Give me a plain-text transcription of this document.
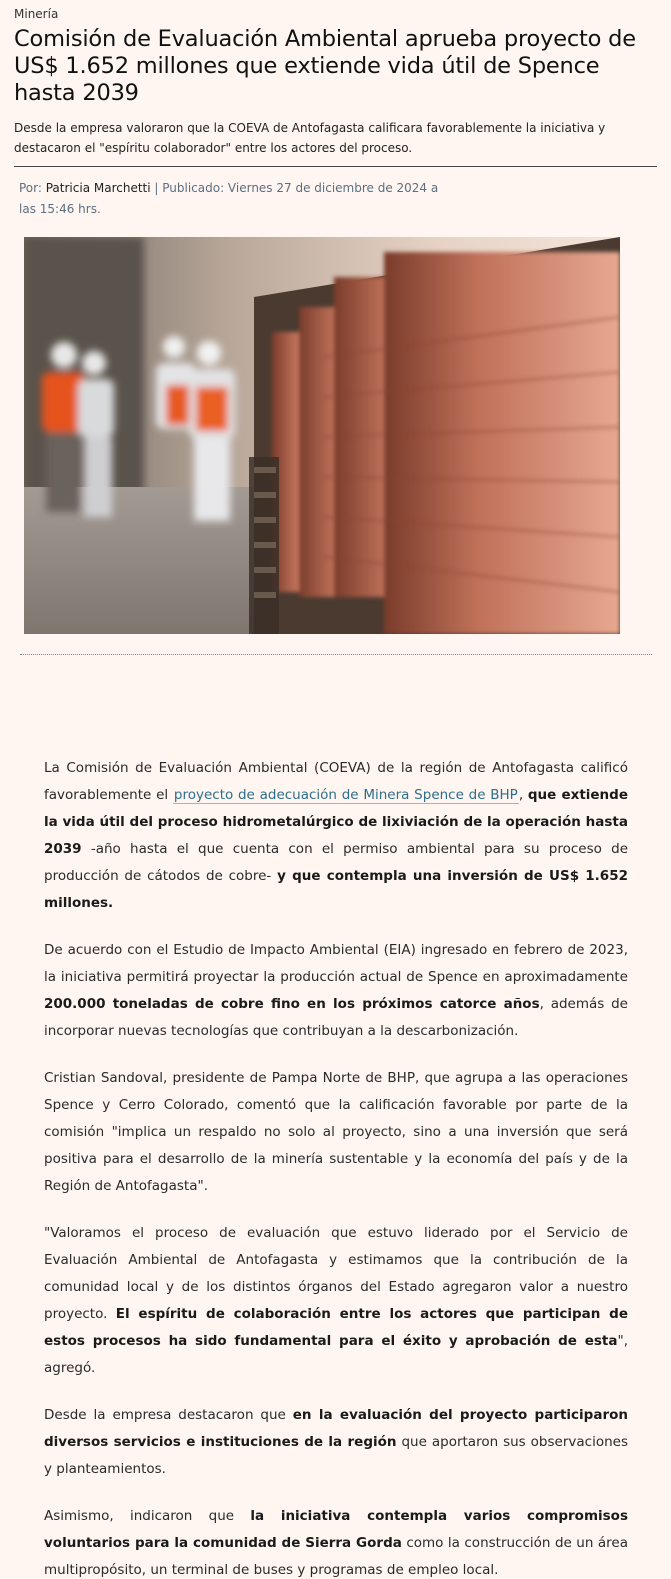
Minería
Comisión de Evaluación Ambiental aprueba proyecto de US$ 1.652 millones que extiende vida útil de Spence hasta 2039

Desde la empresa valoraron que la COEVA de Antofagasta calificara favorablemente la iniciativa y destacaron el "espíritu colaborador" entre los actores del proceso.

Por: Patricia Marchetti | Publicado: Viernes 27 de diciembre de 2024 a las 15:46 hrs.

La Comisión de Evaluación Ambiental (COEVA) de la región de Antofagasta calificó favorablemente el proyecto de adecuación de Minera Spence de BHP, que extiende la vida útil del proceso hidrometalúrgico de lixiviación de la operación hasta 2039 -año hasta el que cuenta con el permiso ambiental para su proceso de producción de cátodos de cobre- y que contempla una inversión de US$ 1.652 millones.

De acuerdo con el Estudio de Impacto Ambiental (EIA) ingresado en febrero de 2023, la iniciativa permitirá proyectar la producción actual de Spence en aproximadamente 200.000 toneladas de cobre fino en los próximos catorce años, además de incorporar nuevas tecnologías que contribuyan a la descarbonización.

Cristian Sandoval, presidente de Pampa Norte de BHP, que agrupa a las operaciones Spence y Cerro Colorado, comentó que la calificación favorable por parte de la comisión "implica un respaldo no solo al proyecto, sino a una inversión que será positiva para el desarrollo de la minería sustentable y la economía del país y de la Región de Antofagasta".

"Valoramos el proceso de evaluación que estuvo liderado por el Servicio de Evaluación Ambiental de Antofagasta y estimamos que la contribución de la comunidad local y de los distintos órganos del Estado agregaron valor a nuestro proyecto. El espíritu de colaboración entre los actores que participan de estos procesos ha sido fundamental para el éxito y aprobación de esta", agregó.

Desde la empresa destacaron que en la evaluación del proyecto participaron diversos servicios e instituciones de la región que aportaron sus observaciones y planteamientos.

Asimismo, indicaron que la iniciativa contempla varios compromisos voluntarios para la comunidad de Sierra Gorda como la construcción de un área multipropósito, un terminal de buses y programas de empleo local.
